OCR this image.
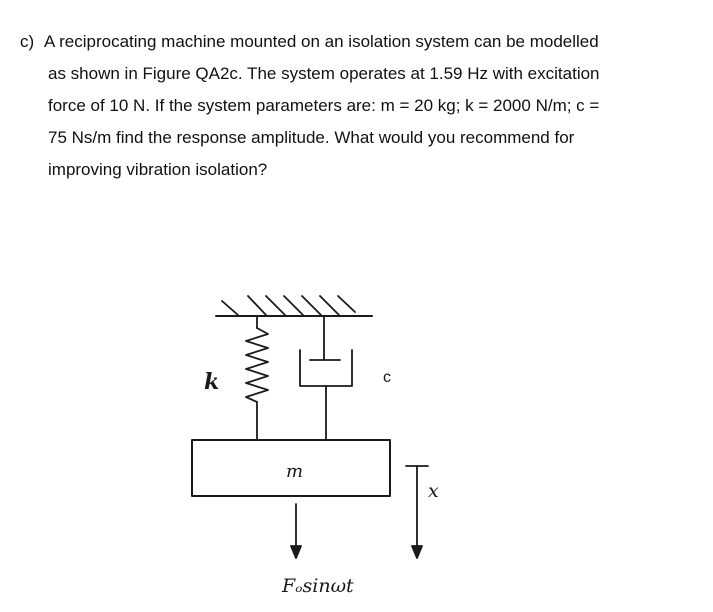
c) A reciprocating machine mounted on an isolation system can be modelled
as shown in Figure QA2c. The system operates at 1.59 Hz with excitation
force of 10 N. If the system parameters are: m = 20 kg; k = 2000 N/m; c =
75 Ns/m find the response amplitude. What would you recommend for
improving vibration isolation?
k	c
m
x
Fₒsinωt
